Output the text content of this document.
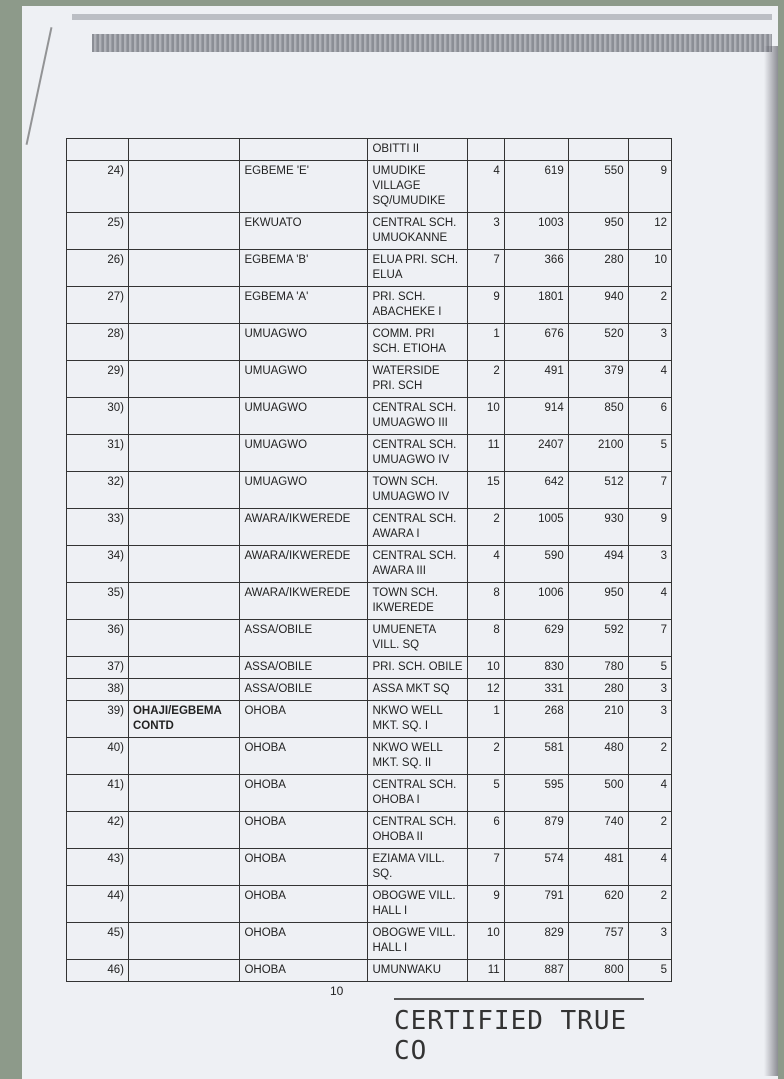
			OBITTI II				
24)		EGBEME 'E'	UMUDIKE VILLAGE SQ/UMUDIKE	4	619	550	9
25)		EKWUATO	CENTRAL SCH. UMUOKANNE	3	1003	950	12
26)		EGBEMA 'B'	ELUA PRI. SCH. ELUA	7	366	280	10
27)		EGBEMA 'A'	PRI. SCH. ABACHEKE I	9	1801	940	2
28)		UMUAGWO	COMM. PRI SCH. ETIOHA	1	676	520	3
29)		UMUAGWO	WATERSIDE PRI. SCH	2	491	379	4
30)		UMUAGWO	CENTRAL SCH. UMUAGWO III	10	914	850	6
31)		UMUAGWO	CENTRAL SCH. UMUAGWO IV	11	2407	2100	5
32)		UMUAGWO	TOWN SCH. UMUAGWO IV	15	642	512	7
33)		AWARA/IKWEREDE	CENTRAL SCH. AWARA I	2	1005	930	9
34)		AWARA/IKWEREDE	CENTRAL SCH. AWARA III	4	590	494	3
35)		AWARA/IKWEREDE	TOWN SCH. IKWEREDE	8	1006	950	4
36)		ASSA/OBILE	UMUENETA VILL. SQ	8	629	592	7
37)		ASSA/OBILE	PRI. SCH. OBILE	10	830	780	5
38)		ASSA/OBILE	ASSA MKT SQ	12	331	280	3
39)	OHAJI/EGBEMA CONTD	OHOBA	NKWO WELL MKT. SQ. I	1	268	210	3
40)		OHOBA	NKWO WELL MKT. SQ. II	2	581	480	2
41)		OHOBA	CENTRAL SCH. OHOBA I	5	595	500	4
42)		OHOBA	CENTRAL SCH. OHOBA II	6	879	740	2
43)		OHOBA	EZIAMA VILL. SQ.	7	574	481	4
44)		OHOBA	OBOGWE VILL. HALL I	9	791	620	2
45)		OHOBA	OBOGWE VILL. HALL I	10	829	757	3
46)		OHOBA	UMUNWAKU	11	887	800	5
10
CERTIFIED TRUE CO
